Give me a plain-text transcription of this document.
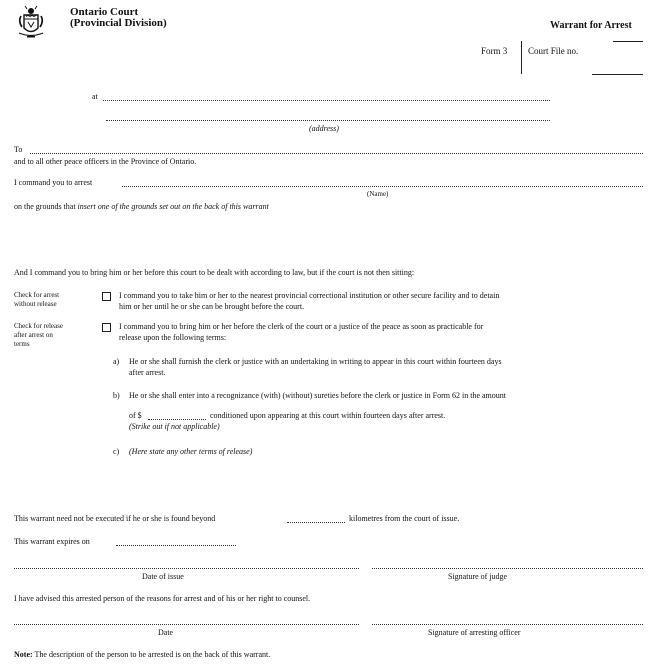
Ontario Court
(Provincial Division)	Warrant for Arrest
Form 3 Court File no.
at
(address)
To
and to all other peace officers in the Province of Ontario.
I command you to arrest
(Name)
on the grounds that insert one of the grounds set out on the back of this warrant
And I command you to bring him or her before this court to be dealt with according to law, but if the court is not then sitting:
Check for arrest
without release
I command you to take him or her to the nearest provincial correctional institution or other secure facility and to detain
him or her until he or she can be brought before the court.
Check for release
after arrest on
terms
I command you to bring him or her before the clerk of the court or a justice of the peace as soon as practicable for
release upon the following terms:
a) He or she shall furnish the clerk or justice with an undertaking in writing to appear in this court within fourteen days
after arrest.
b) He or she shall enter into a recognizance (with) (without) sureties before the clerk or justice in Form 62 in the amount
of $	conditioned upon appearing at this court within fourteen days after arrest.
(Strike out if not applicable)
c) (Here state any other terms of release)
This warrant need not be executed if he or she is found beyond	kilometres from the court of issue.
This warrant expires on
Date of issue	Signature of judge
I have advised this arrested person of the reasons for arrest and of his or her right to counsel.
Date	Signature of arresting officer
Note: The description of the person to be arrested is on the back of this warrant.
